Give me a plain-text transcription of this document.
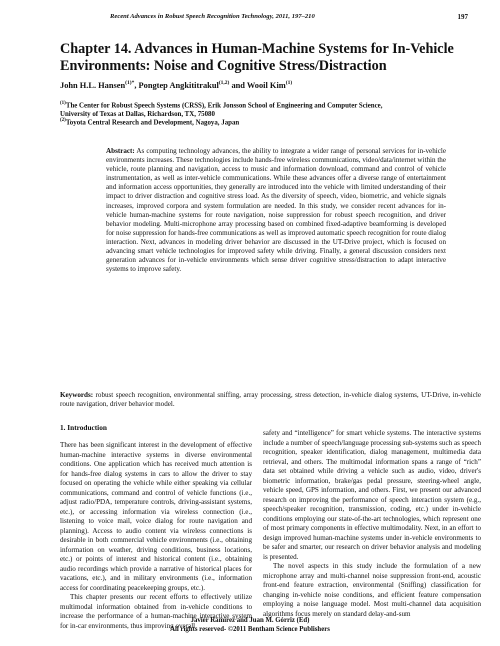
Recent Advances in Robust Speech Recognition Technology, 2011, 197–210	197
Chapter 14. Advances in Human-Machine Systems for In-Vehicle Environments: Noise and Cognitive Stress/Distraction
John H.L. Hansen$^{(1)*}$, Pongtep Angkititrakul$^{(1,2)}$ and Wooil Kim$^{(1)}$
$^{(1)}$The Center for Robust Speech Systems (CRSS), Erik Jonsson School of Engineering and Computer Science,
University of Texas at Dallas, Richardson, TX, 75080
$^{(2)}$Toyota Central Research and Development, Nagoya, Japan

Abstract: As computing technology advances, the ability to integrate a wider range of personal services for in-vehicle environments increases. These technologies include hands-free wireless communications, video/data/internet within the vehicle, route planning and navigation, access to music and information download, command and control of vehicle instrumentation, as well as inter-vehicle communications. While these advances offer a diverse range of entertainment and information access opportunities, they generally are introduced into the vehicle with limited understanding of their impact to driver distraction and cognitive stress load. As the diversity of speech, video, biometric, and vehicle signals increases, improved corpora and system formulation are needed. In this study, we consider recent advances for in-vehicle human-machine systems for route navigation, noise suppression for robust speech recognition, and driver behavior modeling. Multi-microphone array processing based on combined fixed-adaptive beamforming is developed for noise suppression for hands-free communications as well as improved automatic speech recognition for route dialog interaction. Next, advances in modeling driver behavior are discussed in the UT-Drive project, which is focused on advancing smart vehicle technologies for improved safety while driving. Finally, a general discussion considers next generation advances for in-vehicle environments which sense driver cognitive stress/distraction to adapt interactive systems to improve safety.

Keywords: robust speech recognition, environmental sniffing, array processing, stress detection, in-vehicle dialog systems, UT-Drive, in-vehicle route navigation, driver behavior model.

1. Introduction

There has been significant interest in the development of effective human-machine interactive systems in diverse environmental conditions. One application which has received much attention is for hands-free dialog systems in cars to allow the driver to stay focused on operating the vehicle while either speaking via cellular communications, command and control of vehicle functions (i.e., adjust radio/PDA, temperature controls, driving-assistant systems, etc.), or accessing information via wireless connection (i.e., listening to voice mail, voice dialog for route navigation and planning). Access to audio content via wireless connections is desirable in both commercial vehicle environments (i.e., obtaining information on weather, driving conditions, business locations, etc.) or points of interest and historical content (i.e., obtaining audio recordings which provide a narrative of historical places for vacations, etc.), and in military environments (i.e., information access for coordinating peacekeeping groups, etc.).

This chapter presents our recent efforts to effectively utilize multimodal information obtained from in-vehicle conditions to increase the performance of a human-machine interactive system for in-car environments, thus improving overall

safety and “intelligence” for smart vehicle systems. The interactive systems include a number of speech/language processing sub-systems such as speech recognition, speaker identification, dialog management, multimedia data retrieval, and others. The multimodal information spans a range of “rich” data set obtained while driving a vehicle such as audio, video, driver's biometric information, brake/gas pedal pressure, steering-wheel angle, vehicle speed, GPS information, and others. First, we present our advanced research on improving the performance of speech interaction system (e.g., speech/speaker recognition, transmission, coding, etc.) under in-vehicle conditions employing our state-of-the-art technologies, which represent one of most primary components in effective multimodality. Next, in an effort to design improved human-machine systems under in-vehicle environments to be safer and smarter, our research on driver behavior analysis and modeling is presented.

The novel aspects in this study include the formulation of a new microphone array and multi-channel noise suppression front-end, acoustic front-end feature extraction, environmental (Sniffing) classification for changing in-vehicle noise conditions, and efficient feature compensation employing a noise language model. Most multi-channel data acquisition algorithms focus merely on standard delay-and-sum

Javier Ramírez and Juan M. Górriz (Ed)
All rights reserved- ©2011 Bentham Science Publishers
